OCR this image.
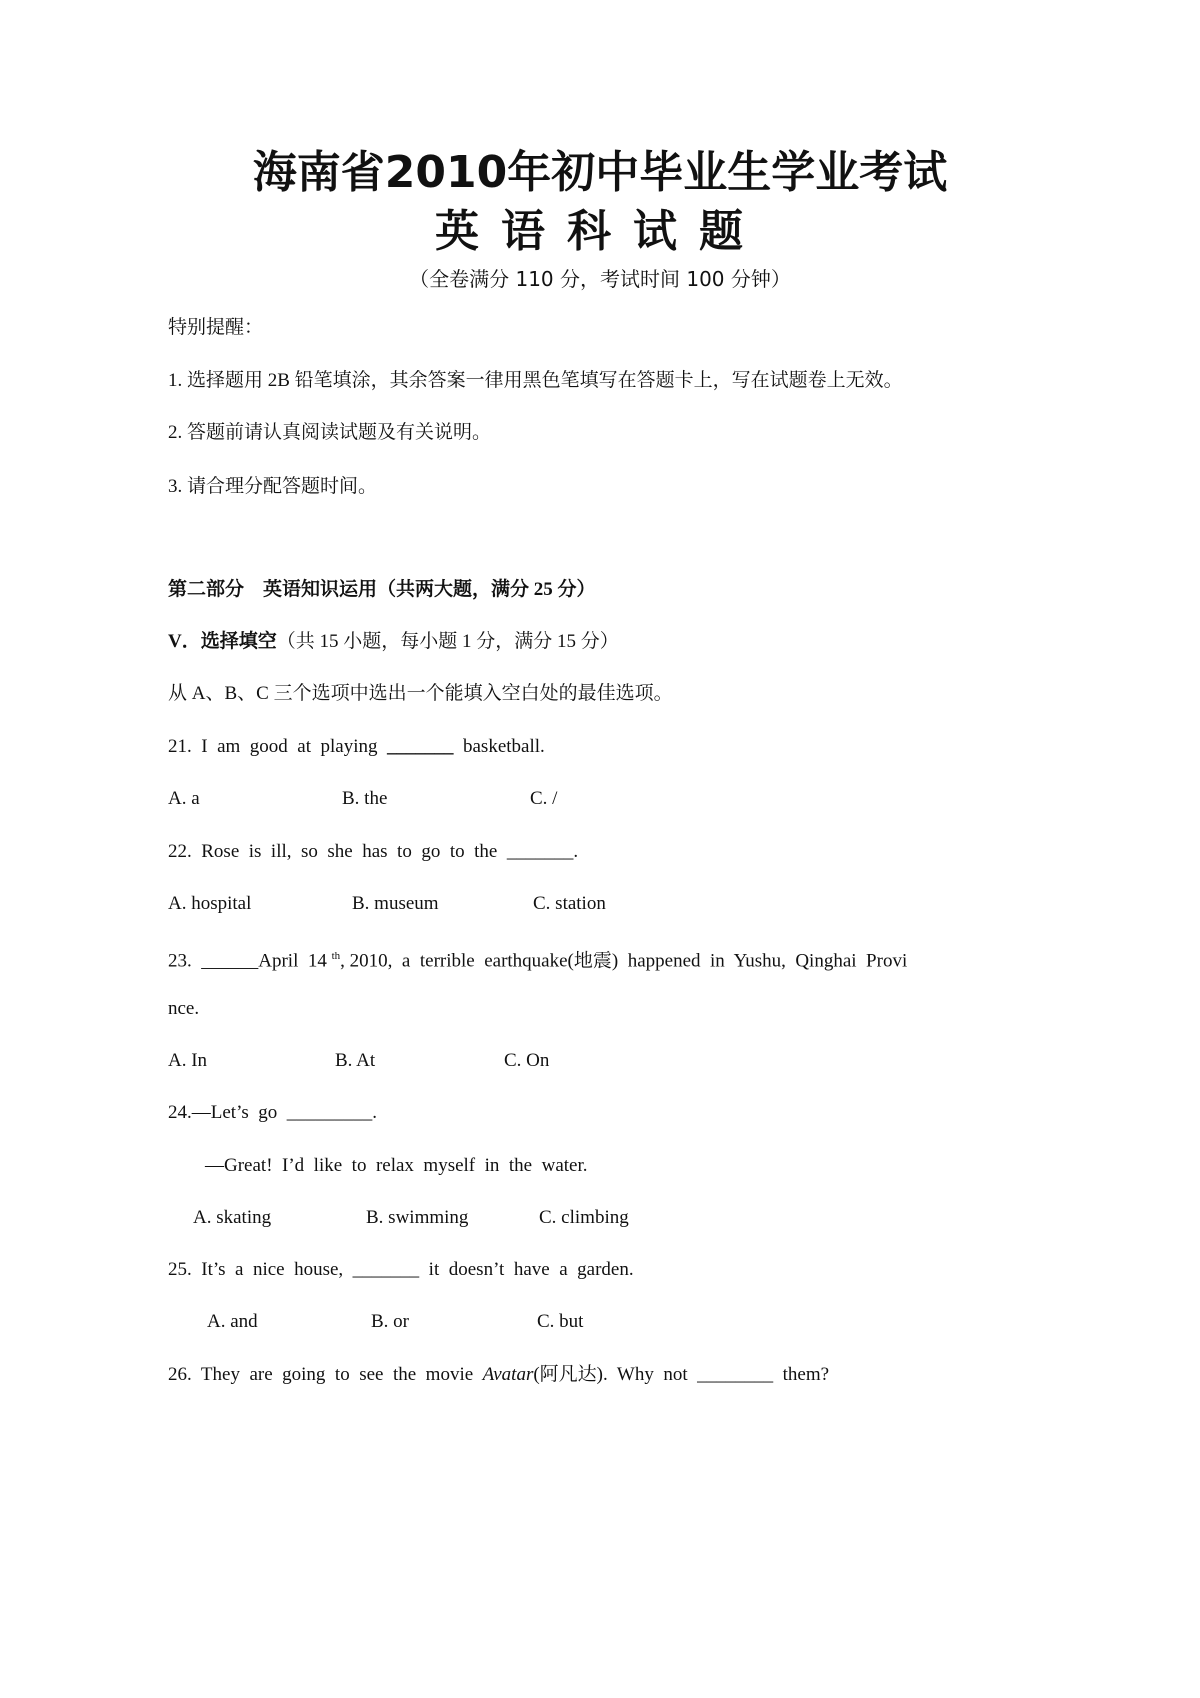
海南省2010年初中毕业生学业考试
英语科试题
（全卷满分 110 分，考试时间 100 分钟）
特别提醒：
1. 选择题用 2B 铅笔填涂，其余答案一律用黑色笔填写在答题卡上，写在试题卷上无效。
2. 答题前请认真阅读试题及有关说明。
3. 请合理分配答题时间。
第二部分　英语知识运用（共两大题，满分 25 分）
V．选择填空（共 15 小题，每小题 1 分，满分 15 分）
从 A、B、C 三个选项中选出一个能填入空白处的最佳选项。
21.  I  am  good  at  playing  _______  basketball.
A. a	B. the	C. /
22.  Rose  is  ill,  so  she  has  to  go  to  the  _______.
A. hospital	B. museum	C. station
23.  ______April  14 $^{th}$, 2010,  a  terrible  earthquake(地震)  happened  in  Yushu,  Qinghai  Provi
nce.
A. In	B. At	C. On
24.—Let’s  go  _________.
—Great!  I’d  like  to  relax  myself  in  the  water.
A. skating	B. swimming	C. climbing
25.  It’s  a  nice  house,  _______  it  doesn’t  have  a  garden.
A. and	B. or	C. but
26.  They  are  going  to  see  the  movie  Avatar(阿凡达).  Why  not  ________  them?
